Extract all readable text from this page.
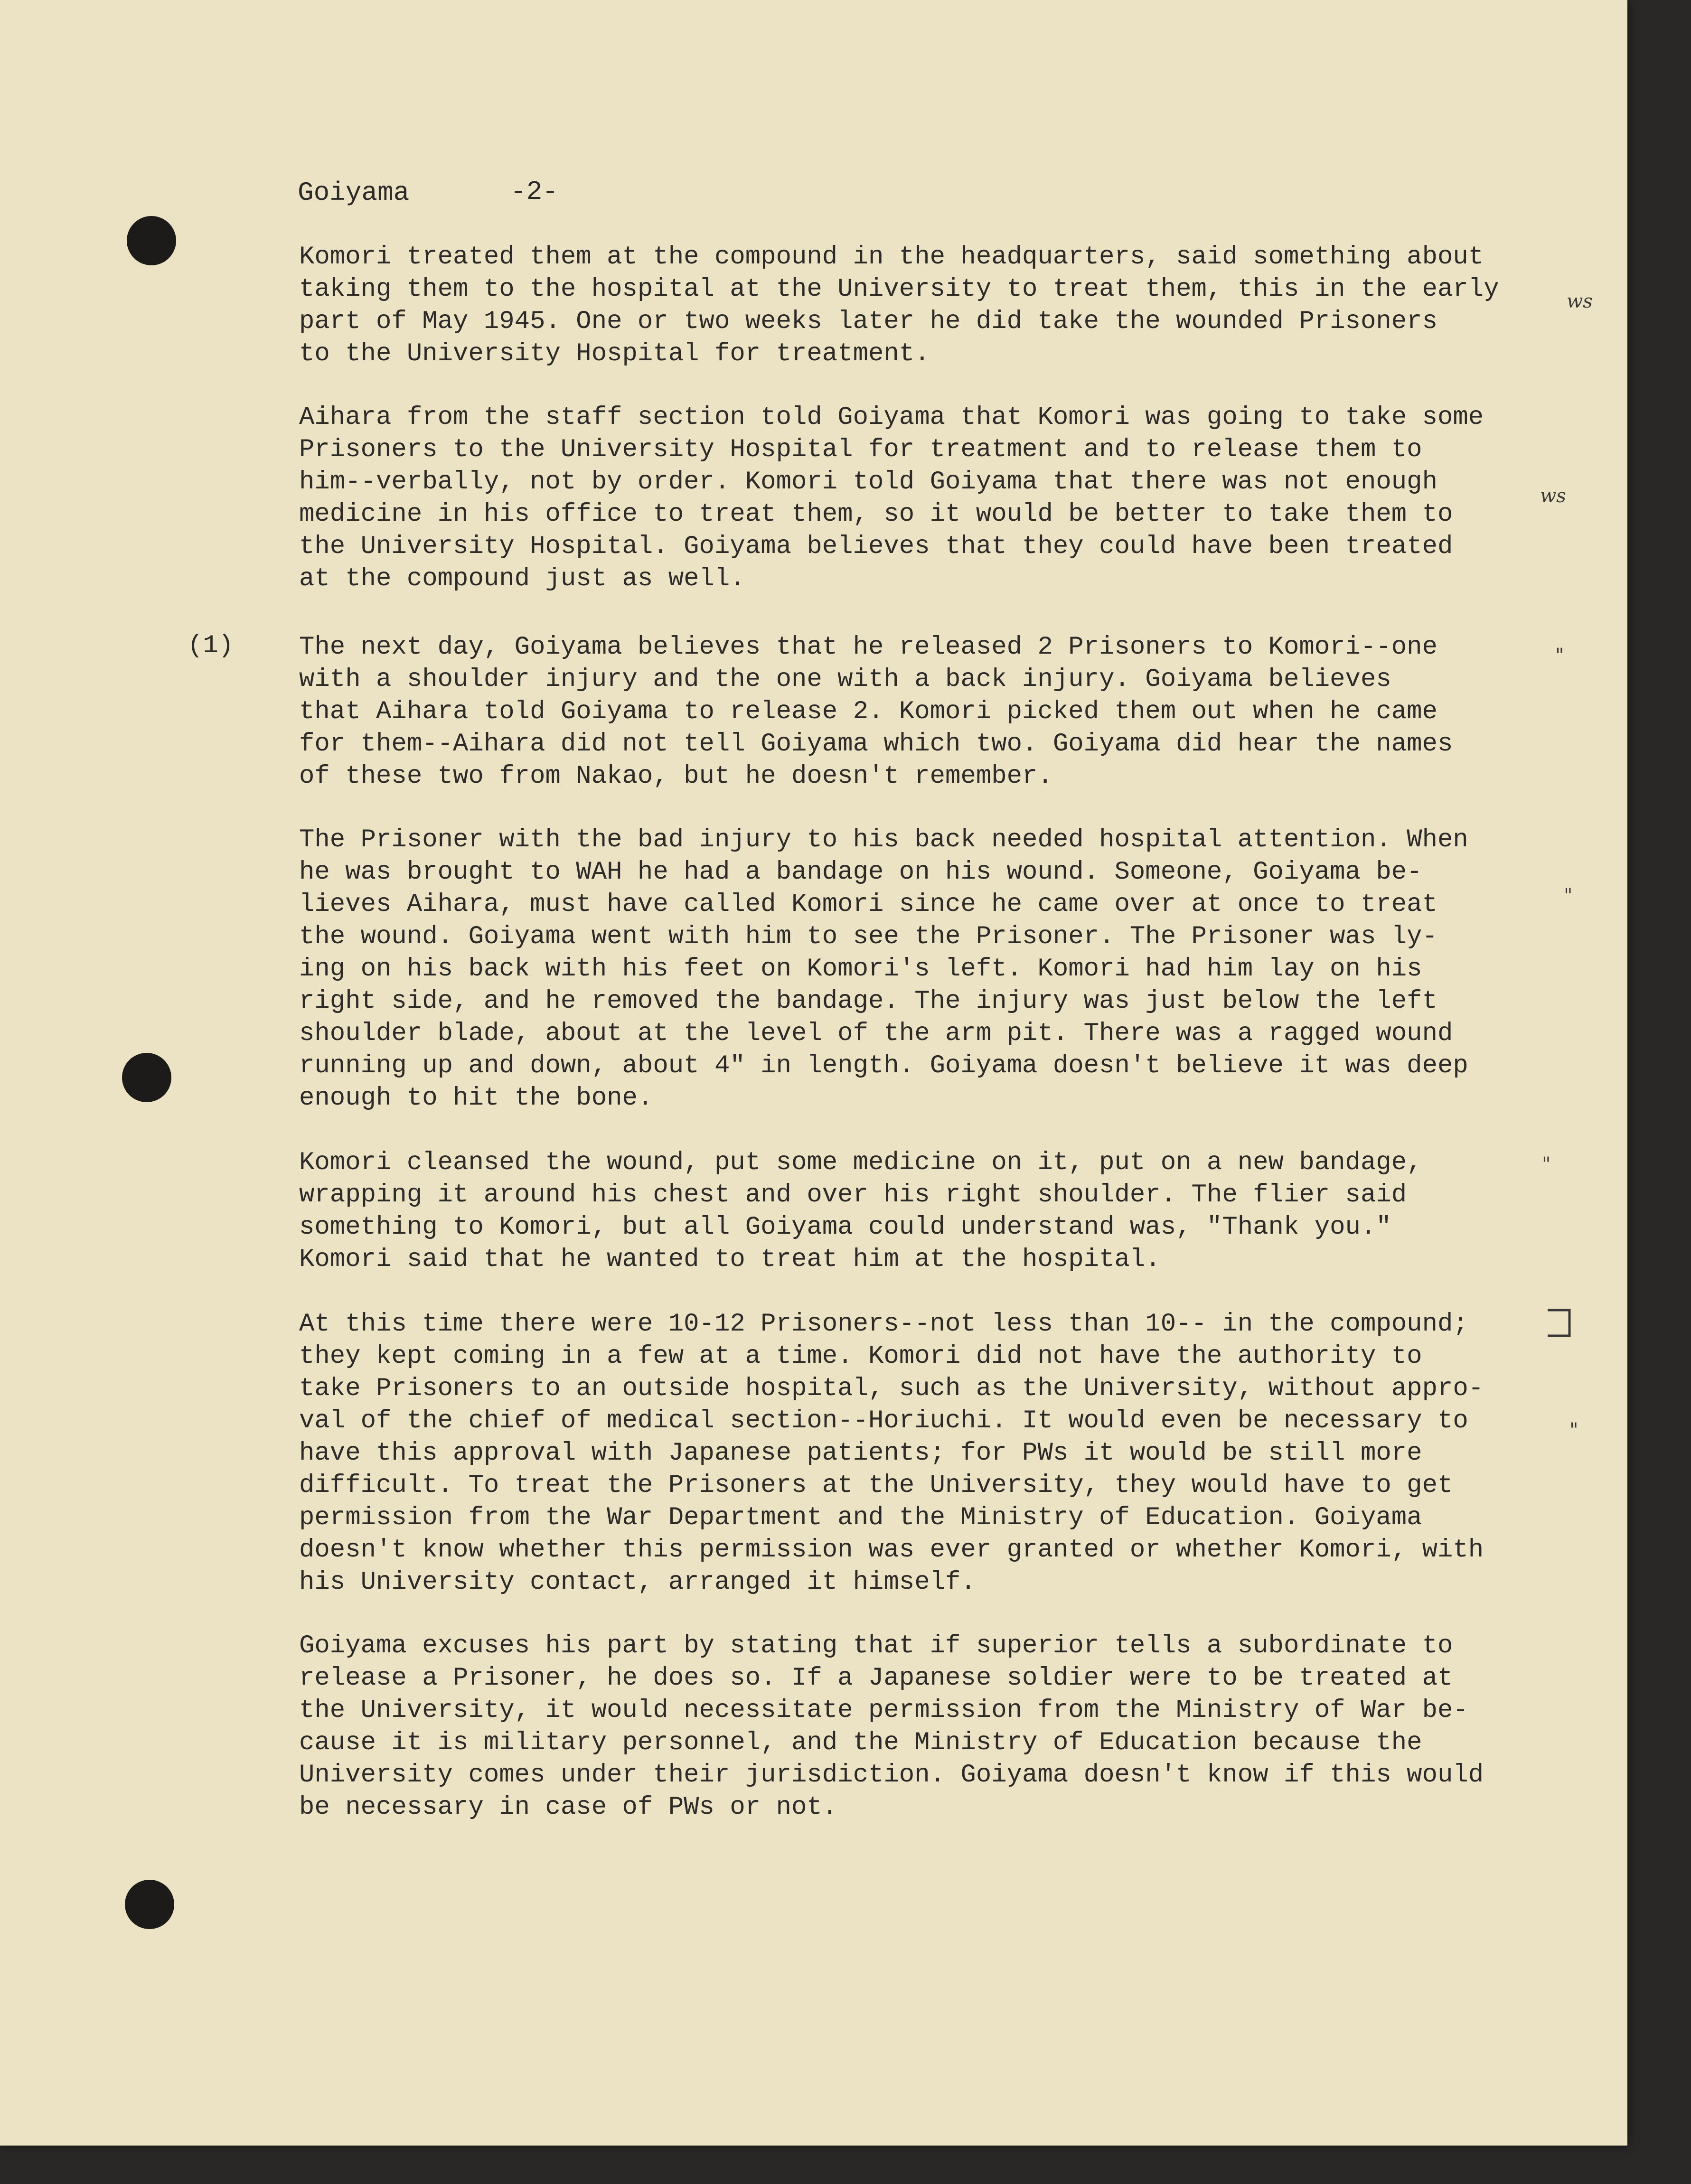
Goiyama	-2-

Komori treated them at the compound in the headquarters, said something about
taking them to the hospital at the University to treat them, this in the early
part of May 1945. One or two weeks later he did take the wounded Prisoners
to the University Hospital for treatment.

Aihara from the staff section told Goiyama that Komori was going to take some
Prisoners to the University Hospital for treatment and to release them to
him--verbally, not by order. Komori told Goiyama that there was not enough
medicine in his office to treat them, so it would be better to take them to
the University Hospital. Goiyama believes that they could have been treated
at the compound just as well.

(1)	The next day, Goiyama believes that he released 2 Prisoners to Komori--one
with a shoulder injury and the one with a back injury. Goiyama believes
that Aihara told Goiyama to release 2. Komori picked them out when he came
for them--Aihara did not tell Goiyama which two. Goiyama did hear the names
of these two from Nakao, but he doesn't remember.

The Prisoner with the bad injury to his back needed hospital attention. When
he was brought to WAH he had a bandage on his wound. Someone, Goiyama be-
lieves Aihara, must have called Komori since he came over at once to treat
the wound. Goiyama went with him to see the Prisoner. The Prisoner was ly-
ing on his back with his feet on Komori's left. Komori had him lay on his
right side, and he removed the bandage. The injury was just below the left
shoulder blade, about at the level of the arm pit. There was a ragged wound
running up and down, about 4" in length. Goiyama doesn't believe it was deep
enough to hit the bone.

Komori cleansed the wound, put some medicine on it, put on a new bandage,
wrapping it around his chest and over his right shoulder. The flier said
something to Komori, but all Goiyama could understand was, "Thank you."
Komori said that he wanted to treat him at the hospital.

At this time there were 10-12 Prisoners--not less than 10-- in the compound;
they kept coming in a few at a time. Komori did not have the authority to
take Prisoners to an outside hospital, such as the University, without appro-
val of the chief of medical section--Horiuchi. It would even be necessary to
have this approval with Japanese patients; for PWs it would be still more
difficult. To treat the Prisoners at the University, they would have to get
permission from the War Department and the Ministry of Education. Goiyama
doesn't know whether this permission was ever granted or whether Komori, with
his University contact, arranged it himself.

Goiyama excuses his part by stating that if superior tells a subordinate to
release a Prisoner, he does so. If a Japanese soldier were to be treated at
the University, it would necessitate permission from the Ministry of War be-
cause it is military personnel, and the Ministry of Education because the
University comes under their jurisdiction. Goiyama doesn't know if this would
be necessary in case of PWs or not.

ws
ws
"
"
"
"
